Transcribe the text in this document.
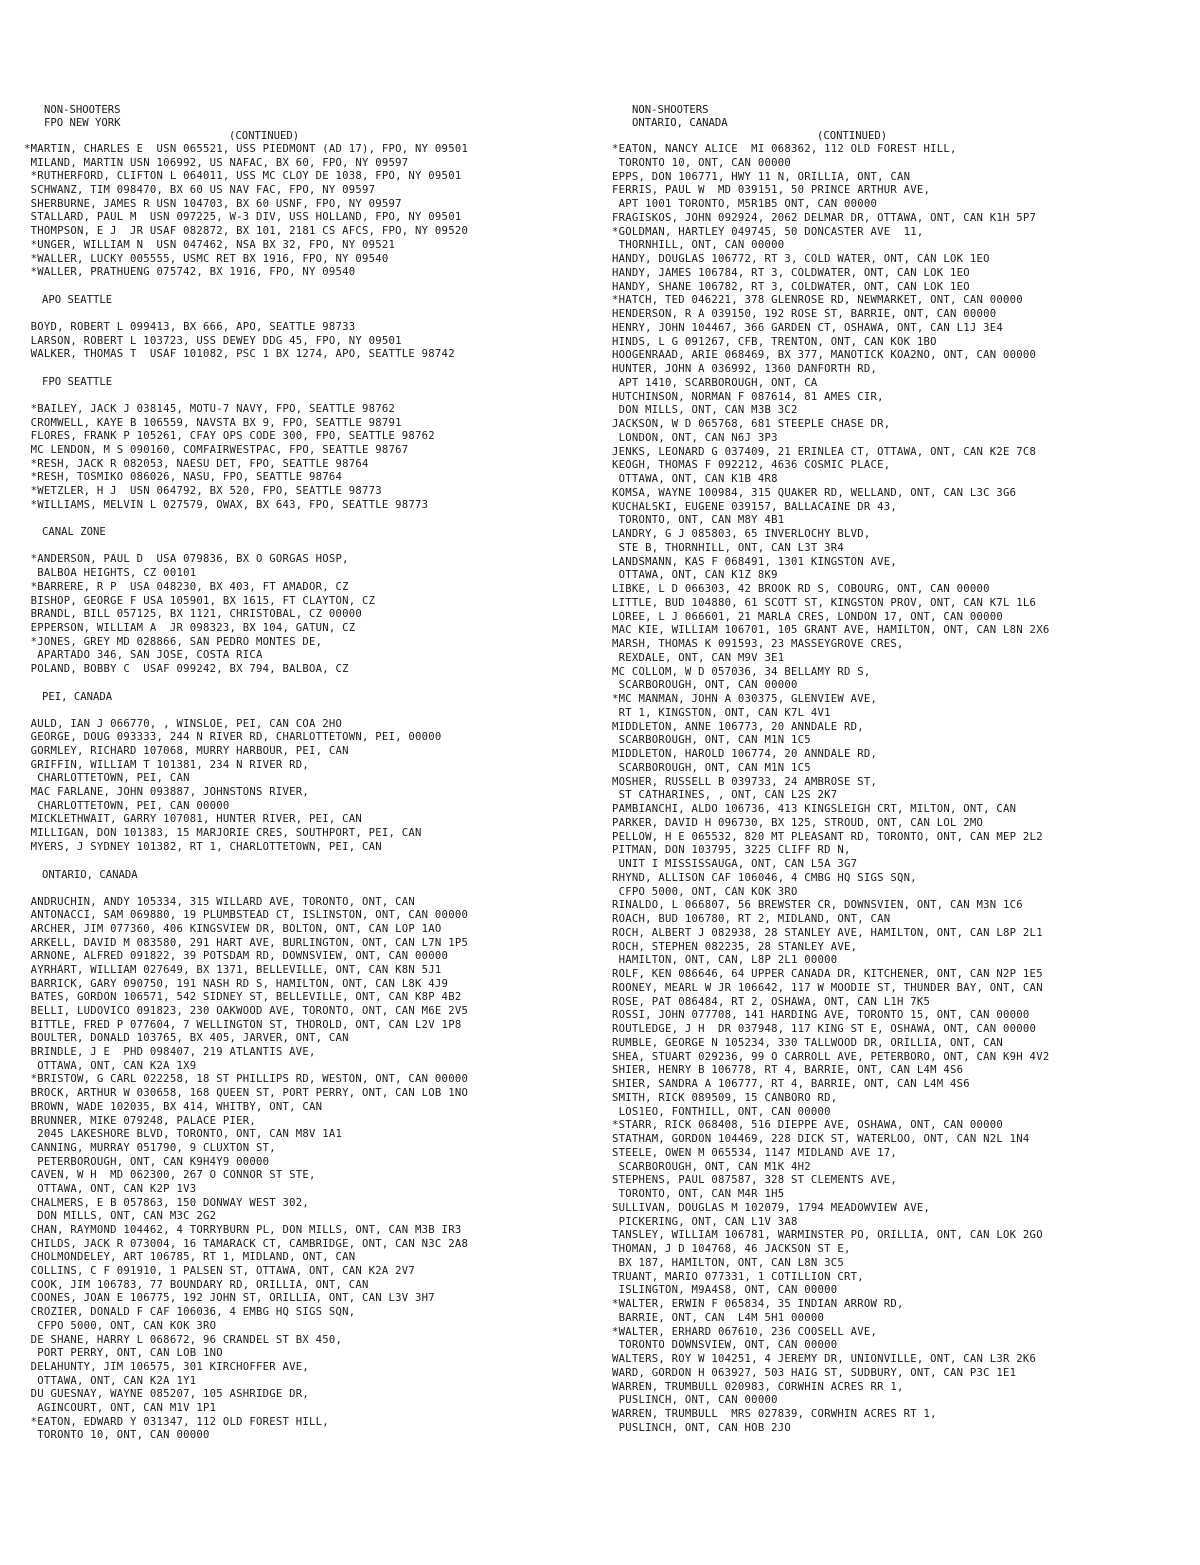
NON-SHOOTERS
FPO NEW YORK
(CONTINUED)
*MARTIN, CHARLES E  USN 065521, USS PIEDMONT (AD 17), FPO, NY 09501
MILAND, MARTIN USN 106992, US NAFAC, BX 60, FPO, NY 09597
*RUTHERFORD, CLIFTON L 064011, USS MC CLOY DE 1038, FPO, NY 09501
SCHWANZ, TIM 098470, BX 60 US NAV FAC, FPO, NY 09597
SHERBURNE, JAMES R USN 104703, BX 60 USNF, FPO, NY 09597
STALLARD, PAUL M  USN 097225, W-3 DIV, USS HOLLAND, FPO, NY 09501
THOMPSON, E J  JR USAF 082872, BX 101, 2181 CS AFCS, FPO, NY 09520
*UNGER, WILLIAM N  USN 047462, NSA BX 32, FPO, NY 09521
*WALLER, LUCKY 005555, USMC RET BX 1916, FPO, NY 09540
*WALLER, PRATHUENG 075742, BX 1916, FPO, NY 09540
APO SEATTLE
BOYD, ROBERT L 099413, BX 666, APO, SEATTLE 98733
LARSON, ROBERT L 103723, USS DEWEY DDG 45, FPO, NY 09501
WALKER, THOMAS T  USAF 101082, PSC 1 BX 1274, APO, SEATTLE 98742
FPO SEATTLE
*BAILEY, JACK J 038145, MOTU-7 NAVY, FPO, SEATTLE 98762
CROMWELL, KAYE B 106559, NAVSTA BX 9, FPO, SEATTLE 98791
FLORES, FRANK P 105261, CFAY OPS CODE 300, FPO, SEATTLE 98762
MC LENDON, M S 090160, COMFAIRWESTPAC, FPO, SEATTLE 98767
*RESH, JACK R 082053, NAESU DET, FPO, SEATTLE 98764
*RESH, TOSMIKO 086026, NASU, FPO, SEATTLE 98764
*WETZLER, H J  USN 064792, BX 520, FPO, SEATTLE 98773
*WILLIAMS, MELVIN L 027579, OWAX, BX 643, FPO, SEATTLE 98773
CANAL ZONE
*ANDERSON, PAUL D  USA 079836, BX O GORGAS HOSP,
BALBOA HEIGHTS, CZ 00101
*BARRERE, R P  USA 048230, BX 403, FT AMADOR, CZ
BISHOP, GEORGE F USA 105901, BX 1615, FT CLAYTON, CZ
BRANDL, BILL 057125, BX 1121, CHRISTOBAL, CZ 00000
EPPERSON, WILLIAM A  JR 098323, BX 104, GATUN, CZ
*JONES, GREY MD 028866, SAN PEDRO MONTES DE,
APARTADO 346, SAN JOSE, COSTA RICA
POLAND, BOBBY C  USAF 099242, BX 794, BALBOA, CZ
PEI, CANADA
AULD, IAN J 066770, , WINSLOE, PEI, CAN COA 2HO
GEORGE, DOUG 093333, 244 N RIVER RD, CHARLOTTETOWN, PEI, 00000
GORMLEY, RICHARD 107068, MURRY HARBOUR, PEI, CAN
GRIFFIN, WILLIAM T 101381, 234 N RIVER RD,
CHARLOTTETOWN, PEI, CAN
MAC FARLANE, JOHN 093887, JOHNSTONS RIVER,
CHARLOTTETOWN, PEI, CAN 00000
MICKLETHWAIT, GARRY 107081, HUNTER RIVER, PEI, CAN
MILLIGAN, DON 101383, 15 MARJORIE CRES, SOUTHPORT, PEI, CAN
MYERS, J SYDNEY 101382, RT 1, CHARLOTTETOWN, PEI, CAN
ONTARIO, CANADA
ANDRUCHIN, ANDY 105334, 315 WILLARD AVE, TORONTO, ONT, CAN
ANTONACCI, SAM 069880, 19 PLUMBSTEAD CT, ISLINSTON, ONT, CAN 00000
ARCHER, JIM 077360, 406 KINGSVIEW DR, BOLTON, ONT, CAN LOP 1AO
ARKELL, DAVID M 083580, 291 HART AVE, BURLINGTON, ONT, CAN L7N 1P5
ARNONE, ALFRED 091822, 39 POTSDAM RD, DOWNSVIEW, ONT, CAN 00000
AYRHART, WILLIAM 027649, BX 1371, BELLEVILLE, ONT, CAN K8N 5J1
BARRICK, GARY 090750, 191 NASH RD S, HAMILTON, ONT, CAN L8K 4J9
BATES, GORDON 106571, 542 SIDNEY ST, BELLEVILLE, ONT, CAN K8P 4B2
BELLI, LUDOVICO 091823, 230 OAKWOOD AVE, TORONTO, ONT, CAN M6E 2V5
BITTLE, FRED P 077604, 7 WELLINGTON ST, THOROLD, ONT, CAN L2V 1P8
BOULTER, DONALD 103765, BX 405, JARVER, ONT, CAN
BRINDLE, J E  PHD 098407, 219 ATLANTIS AVE,
OTTAWA, ONT, CAN K2A 1X9
*BRISTOW, G CARL 022258, 18 ST PHILLIPS RD, WESTON, ONT, CAN 00000
BROCK, ARTHUR W 030658, 168 QUEEN ST, PORT PERRY, ONT, CAN LOB 1NO
BROWN, WADE 102035, BX 414, WHITBY, ONT, CAN
BRUNNER, MIKE 079248, PALACE PIER,
2045 LAKESHORE BLVD, TORONTO, ONT, CAN M8V 1A1
CANNING, MURRAY 051790, 9 CLUXTON ST,
PETERBOROUGH, ONT, CAN K9H4Y9 00000
CAVEN, W H  MD 062300, 267 O CONNOR ST STE,
OTTAWA, ONT, CAN K2P 1V3
CHALMERS, E B 057863, 150 DONWAY WEST 302,
DON MILLS, ONT, CAN M3C 2G2
CHAN, RAYMOND 104462, 4 TORRYBURN PL, DON MILLS, ONT, CAN M3B IR3
CHILDS, JACK R 073004, 16 TAMARACK CT, CAMBRIDGE, ONT, CAN N3C 2A8
CHOLMONDELEY, ART 106785, RT 1, MIDLAND, ONT, CAN
COLLINS, C F 091910, 1 PALSEN ST, OTTAWA, ONT, CAN K2A 2V7
COOK, JIM 106783, 77 BOUNDARY RD, ORILLIA, ONT, CAN
COONES, JOAN E 106775, 192 JOHN ST, ORILLIA, ONT, CAN L3V 3H7
CROZIER, DONALD F CAF 106036, 4 EMBG HQ SIGS SQN,
CFPO 5000, ONT, CAN KOK 3RO
DE SHANE, HARRY L 068672, 96 CRANDEL ST BX 450,
PORT PERRY, ONT, CAN LOB 1NO
DELAHUNTY, JIM 106575, 301 KIRCHOFFER AVE,
OTTAWA, ONT, CAN K2A 1Y1
DU GUESNAY, WAYNE 085207, 105 ASHRIDGE DR,
AGINCOURT, ONT, CAN M1V 1P1
*EATON, EDWARD Y 031347, 112 OLD FOREST HILL,
TORONTO 10, ONT, CAN 00000
NON-SHOOTERS
ONTARIO, CANADA
(CONTINUED)
*EATON, NANCY ALICE  MI 068362, 112 OLD FOREST HILL,
TORONTO 10, ONT, CAN 00000
EPPS, DON 106771, HWY 11 N, ORILLIA, ONT, CAN
FERRIS, PAUL W  MD 039151, 50 PRINCE ARTHUR AVE,
APT 1001 TORONTO, M5R1B5 ONT, CAN 00000
FRAGISKOS, JOHN 092924, 2062 DELMAR DR, OTTAWA, ONT, CAN K1H 5P7
*GOLDMAN, HARTLEY 049745, 50 DONCASTER AVE  11,
THORNHILL, ONT, CAN 00000
HANDY, DOUGLAS 106772, RT 3, COLD WATER, ONT, CAN LOK 1EO
HANDY, JAMES 106784, RT 3, COLDWATER, ONT, CAN LOK 1EO
HANDY, SHANE 106782, RT 3, COLDWATER, ONT, CAN LOK 1EO
*HATCH, TED 046221, 378 GLENROSE RD, NEWMARKET, ONT, CAN 00000
HENDERSON, R A 039150, 192 ROSE ST, BARRIE, ONT, CAN 00000
HENRY, JOHN 104467, 366 GARDEN CT, OSHAWA, ONT, CAN L1J 3E4
HINDS, L G 091267, CFB, TRENTON, ONT, CAN KOK 1BO
HOOGENRAAD, ARIE 068469, BX 377, MANOTICK KOA2NO, ONT, CAN 00000
HUNTER, JOHN A 036992, 1360 DANFORTH RD,
APT 1410, SCARBOROUGH, ONT, CA
HUTCHINSON, NORMAN F 087614, 81 AMES CIR,
DON MILLS, ONT, CAN M3B 3C2
JACKSON, W D 065768, 681 STEEPLE CHASE DR,
LONDON, ONT, CAN N6J 3P3
JENKS, LEONARD G 037409, 21 ERINLEA CT, OTTAWA, ONT, CAN K2E 7C8
KEOGH, THOMAS F 092212, 4636 COSMIC PLACE,
OTTAWA, ONT, CAN K1B 4R8
KOMSA, WAYNE 100984, 315 QUAKER RD, WELLAND, ONT, CAN L3C 3G6
KUCHALSKI, EUGENE 039157, BALLACAINE DR 43,
TORONTO, ONT, CAN M8Y 4B1
LANDRY, G J 085803, 65 INVERLOCHY BLVD,
STE B, THORNHILL, ONT, CAN L3T 3R4
LANDSMANN, KAS F 068491, 1301 KINGSTON AVE,
OTTAWA, ONT, CAN K1Z 8K9
LIBKE, L D 066303, 42 BROOK RD S, COBOURG, ONT, CAN 00000
LITTLE, BUD 104880, 61 SCOTT ST, KINGSTON PROV, ONT, CAN K7L 1L6
LOREE, L J 066601, 21 MARLA CRES, LONDON 17, ONT, CAN 00000
MAC KIE, WILLIAM 106701, 105 GRANT AVE, HAMILTON, ONT, CAN L8N 2X6
MARSH, THOMAS K 091593, 23 MASSEYGROVE CRES,
REXDALE, ONT, CAN M9V 3E1
MC COLLOM, W D 057036, 34 BELLAMY RD S,
SCARBOROUGH, ONT, CAN 00000
*MC MANMAN, JOHN A 030375, GLENVIEW AVE,
RT 1, KINGSTON, ONT, CAN K7L 4V1
MIDDLETON, ANNE 106773, 20 ANNDALE RD,
SCARBOROUGH, ONT, CAN M1N 1C5
MIDDLETON, HAROLD 106774, 20 ANNDALE RD,
SCARBOROUGH, ONT, CAN M1N 1C5
MOSHER, RUSSELL B 039733, 24 AMBROSE ST,
ST CATHARINES, , ONT, CAN L2S 2K7
PAMBIANCHI, ALDO 106736, 413 KINGSLEIGH CRT, MILTON, ONT, CAN
PARKER, DAVID H 096730, BX 125, STROUD, ONT, CAN LOL 2MO
PELLOW, H E 065532, 820 MT PLEASANT RD, TORONTO, ONT, CAN MEP 2L2
PITMAN, DON 103795, 3225 CLIFF RD N,
UNIT I MISSISSAUGA, ONT, CAN L5A 3G7
RHYND, ALLISON CAF 106046, 4 CMBG HQ SIGS SQN,
CFPO 5000, ONT, CAN KOK 3RO
RINALDO, L 066807, 56 BREWSTER CR, DOWNSVIEN, ONT, CAN M3N 1C6
ROACH, BUD 106780, RT 2, MIDLAND, ONT, CAN
ROCH, ALBERT J 082938, 28 STANLEY AVE, HAMILTON, ONT, CAN L8P 2L1
ROCH, STEPHEN 082235, 28 STANLEY AVE,
HAMILTON, ONT, CAN, L8P 2L1 00000
ROLF, KEN 086646, 64 UPPER CANADA DR, KITCHENER, ONT, CAN N2P 1E5
ROONEY, MEARL W JR 106642, 117 W MOODIE ST, THUNDER BAY, ONT, CAN
ROSE, PAT 086484, RT 2, OSHAWA, ONT, CAN L1H 7K5
ROSSI, JOHN 077708, 141 HARDING AVE, TORONTO 15, ONT, CAN 00000
ROUTLEDGE, J H  DR 037948, 117 KING ST E, OSHAWA, ONT, CAN 00000
RUMBLE, GEORGE N 105234, 330 TALLWOOD DR, ORILLIA, ONT, CAN
SHEA, STUART 029236, 99 O CARROLL AVE, PETERBORO, ONT, CAN K9H 4V2
SHIER, HENRY B 106778, RT 4, BARRIE, ONT, CAN L4M 4S6
SHIER, SANDRA A 106777, RT 4, BARRIE, ONT, CAN L4M 4S6
SMITH, RICK 089509, 15 CANBORO RD,
LOS1EO, FONTHILL, ONT, CAN 00000
*STARR, RICK 068408, 516 DIEPPE AVE, OSHAWA, ONT, CAN 00000
STATHAM, GORDON 104469, 228 DICK ST, WATERLOO, ONT, CAN N2L 1N4
STEELE, OWEN M 065534, 1147 MIDLAND AVE 17,
SCARBOROUGH, ONT, CAN M1K 4H2
STEPHENS, PAUL 087587, 328 ST CLEMENTS AVE,
TORONTO, ONT, CAN M4R 1H5
SULLIVAN, DOUGLAS M 102079, 1794 MEADOWVIEW AVE,
PICKERING, ONT, CAN L1V 3A8
TANSLEY, WILLIAM 106781, WARMINSTER PO, ORILLIA, ONT, CAN LOK 2GO
THOMAN, J D 104768, 46 JACKSON ST E,
BX 187, HAMILTON, ONT, CAN L8N 3C5
TRUANT, MARIO 077331, 1 COTILLION CRT,
ISLINGTON, M9A4S8, ONT, CAN 00000
*WALTER, ERWIN F 065834, 35 INDIAN ARROW RD,
BARRIE, ONT, CAN  L4M 5H1 00000
*WALTER, ERHARD 067610, 236 COOSELL AVE,
TORONTO DOWNSVIEW, ONT, CAN 00000
WALTERS, ROY W 104251, 4 JEREMY DR, UNIONVILLE, ONT, CAN L3R 2K6
WARD, GORDON H 063927, 503 HAIG ST, SUDBURY, ONT, CAN P3C 1E1
WARREN, TRUMBULL 020983, CORWHIN ACRES RR 1,
PUSLINCH, ONT, CAN 00000
WARREN, TRUMBULL  MRS 027839, CORWHIN ACRES RT 1,
PUSLINCH, ONT, CAN HOB 2JO
